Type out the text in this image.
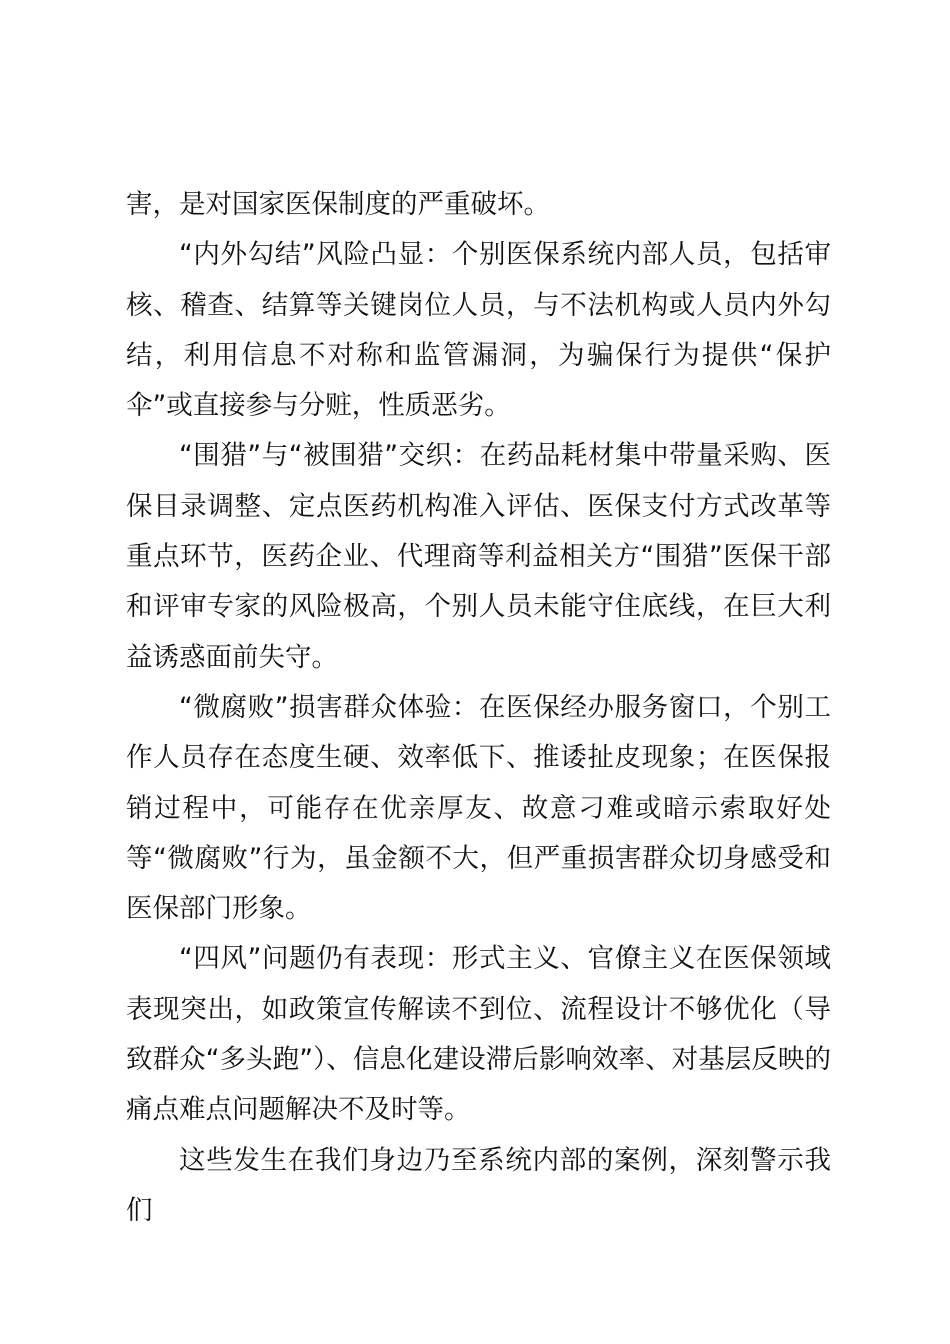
害，是对国家医保制度的严重破坏。

“内外勾结”风险凸显：个别医保系统内部人员，包括审核、稽查、结算等关键岗位人员，与不法机构或人员内外勾结，利用信息不对称和监管漏洞，为骗保行为提供“保护伞”或直接参与分赃，性质恶劣。

“围猎”与“被围猎”交织：在药品耗材集中带量采购、医保目录调整、定点医药机构准入评估、医保支付方式改革等重点环节，医药企业、代理商等利益相关方“围猎”医保干部和评审专家的风险极高，个别人员未能守住底线，在巨大利益诱惑面前失守。

“微腐败”损害群众体验：在医保经办服务窗口，个别工作人员存在态度生硬、效率低下、推诿扯皮现象；在医保报销过程中，可能存在优亲厚友、故意刁难或暗示索取好处等“微腐败”行为，虽金额不大，但严重损害群众切身感受和医保部门形象。

“四风”问题仍有表现：形式主义、官僚主义在医保领域表现突出，如政策宣传解读不到位、流程设计不够优化（导致群众“多头跑”）、信息化建设滞后影响效率、对基层反映的痛点难点问题解决不及时等。

这些发生在我们身边乃至系统内部的案例，深刻警示我们
